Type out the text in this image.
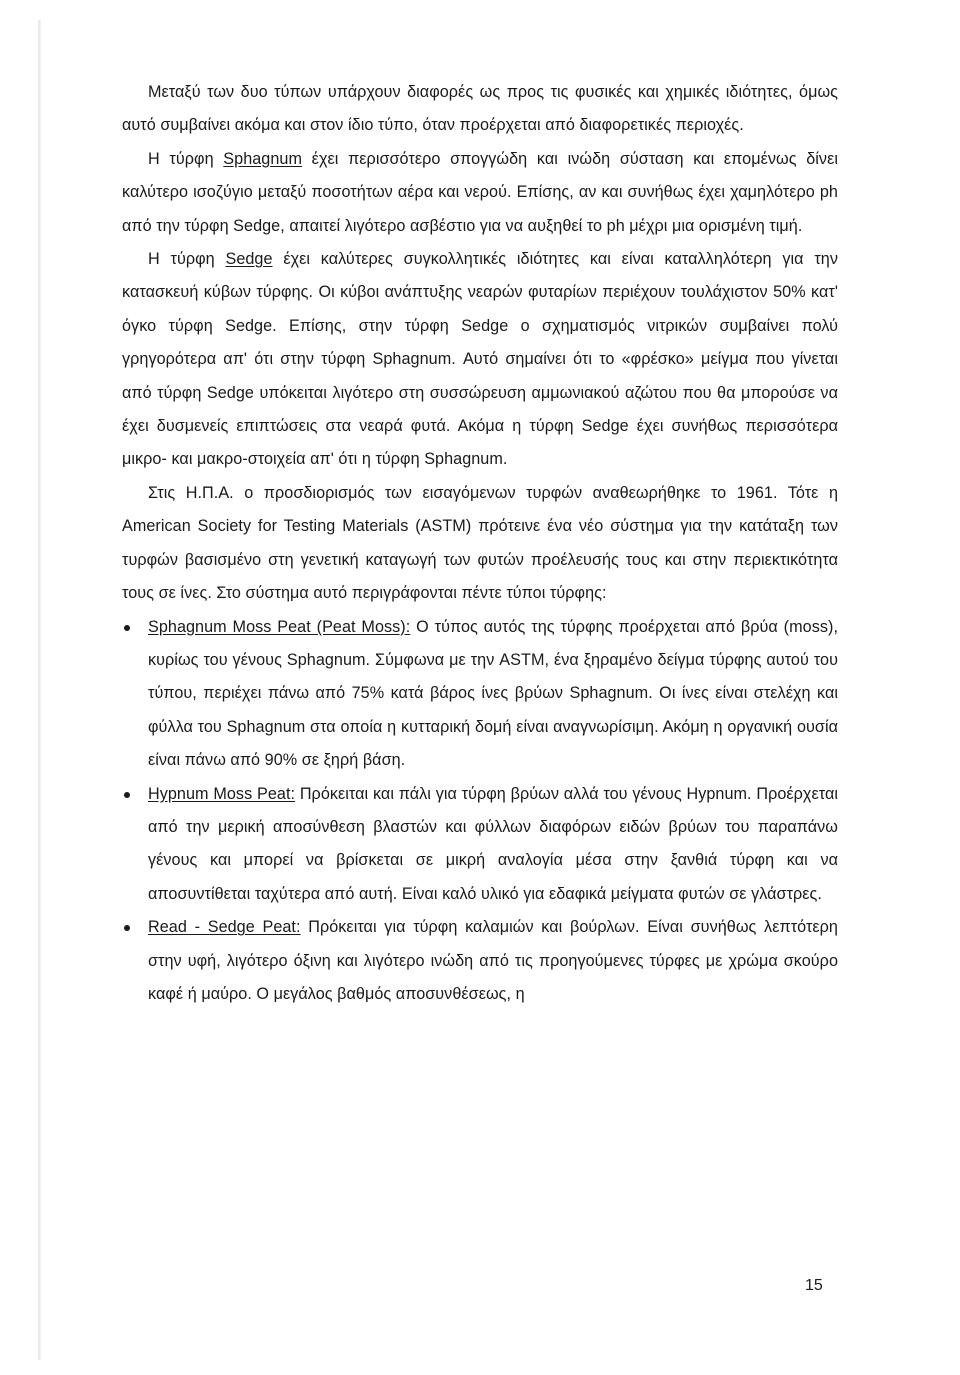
Μεταξύ των δυο τύπων υπάρχουν διαφορές ως προς τις φυσικές και χημικές ιδιότητες, όμως αυτό συμβαίνει ακόμα και στον ίδιο τύπο, όταν προέρχεται από διαφορετικές περιοχές.

Η τύρφη Sphagnum έχει περισσότερο σπογγώδη και ινώδη σύσταση και επομένως δίνει καλύτερο ισοζύγιο μεταξύ ποσοτήτων αέρα και νερού. Επίσης, αν και συνήθως έχει χαμηλότερο ph από την τύρφη Sedge, απαιτεί λιγότερο ασβέστιο για να αυξηθεί το ph μέχρι μια ορισμένη τιμή.

Η τύρφη Sedge έχει καλύτερες συγκολλητικές ιδιότητες και είναι καταλληλότερη για την κατασκευή κύβων τύρφης. Οι κύβοι ανάπτυξης νεαρών φυταρίων περιέχουν τουλάχιστον 50% κατ' όγκο τύρφη Sedge. Επίσης, στην τύρφη Sedge ο σχηματισμός νιτρικών συμβαίνει πολύ γρηγορότερα απ' ότι στην τύρφη Sphagnum. Αυτό σημαίνει ότι το «φρέσκο» μείγμα που γίνεται από τύρφη Sedge υπόκειται λιγότερο στη συσσώρευση αμμωνιακού αζώτου που θα μπορούσε να έχει δυσμενείς επιπτώσεις στα νεαρά φυτά. Ακόμα η τύρφη Sedge έχει συνήθως περισσότερα μικρο- και μακρο-στοιχεία απ' ότι η τύρφη Sphagnum.

Στις Η.Π.Α. ο προσδιορισμός των εισαγόμενων τυρφών αναθεωρήθηκε το 1961. Τότε η American Society for Testing Materials (ASTM) πρότεινε ένα νέο σύστημα για την κατάταξη των τυρφών βασισμένο στη γενετική καταγωγή των φυτών προέλευσής τους και στην περιεκτικότητα τους σε ίνες. Στο σύστημα αυτό περιγράφονται πέντε τύποι τύρφης:

Sphagnum Moss Peat (Peat Moss): Ο τύπος αυτός της τύρφης προέρχεται από βρύα (moss), κυρίως του γένους Sphagnum. Σύμφωνα με την ASTM, ένα ξηραμένο δείγμα τύρφης αυτού του τύπου, περιέχει πάνω από 75% κατά βάρος ίνες βρύων Sphagnum. Οι ίνες είναι στελέχη και φύλλα του Sphagnum στα οποία η κυτταρική δομή είναι αναγνωρίσιμη. Ακόμη η οργανική ουσία είναι πάνω από 90% σε ξηρή βάση.
Hypnum Moss Peat: Πρόκειται και πάλι για τύρφη βρύων αλλά του γένους Hypnum. Προέρχεται από την μερική αποσύνθεση βλαστών και φύλλων διαφόρων ειδών βρύων του παραπάνω γένους και μπορεί να βρίσκεται σε μικρή αναλογία μέσα στην ξανθιά τύρφη και να αποσυντίθεται ταχύτερα από αυτή. Είναι καλό υλικό για εδαφικά μείγματα φυτών σε γλάστρες.
Read - Sedge Peat: Πρόκειται για τύρφη καλαμιών και βούρλων. Είναι συνήθως λεπτότερη στην υφή, λιγότερο όξινη και λιγότερο ινώδη από τις προηγούμενες τύρφες με χρώμα σκούρο καφέ ή μαύρο. Ο μεγάλος βαθμός αποσυνθέσεως, η
15
